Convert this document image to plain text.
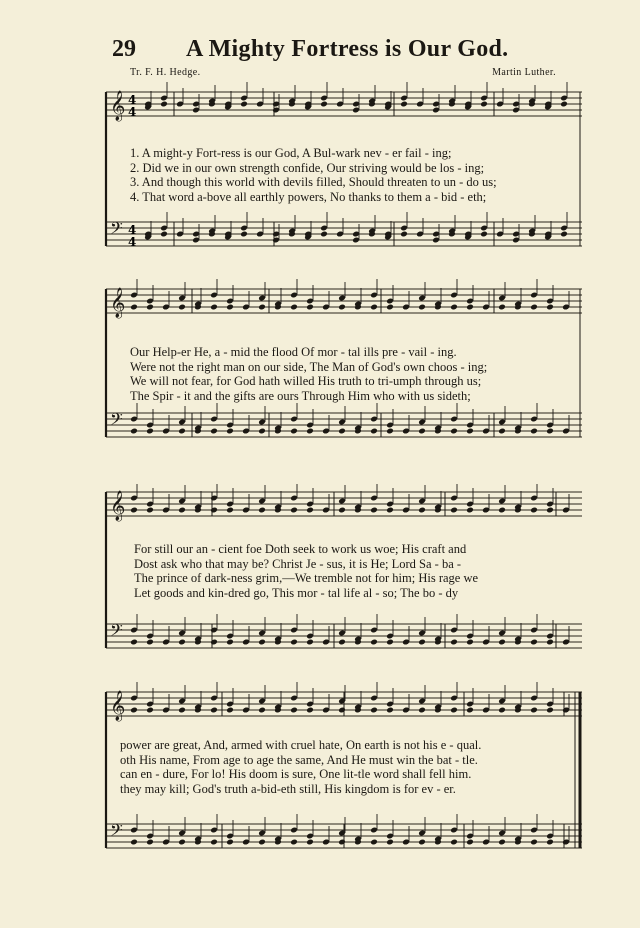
29 A Mighty Fortress is Our God.
Tr. F. H. Hedge.	Martin Luther.
𝄞 4
4
𝄢 4
4
1. A might-y Fort-ress is our God, A Bul-wark nev - er fail - ing;
2. Did we in our own strength confide, Our striving would be los - ing;
3. And though this world with devils filled, Should threaten to un - do us;
4. That word a-bove all earthly powers, No thanks to them a - bid - eth;
𝄞
𝄢
Our Help-er He, a - mid the flood Of mor - tal ills pre - vail - ing.
Were not the right man on our side, The Man of God's own choos - ing;
We will not fear, for God hath willed His truth to tri-umph through us;
The Spir - it and the gifts are ours Through Him who with us sideth;
𝄞
𝄢
For still our an - cient foe Doth seek to work us woe; His craft and
Dost ask who that may be? Christ Je - sus, it is He; Lord Sa - ba -
The prince of dark-ness grim,—We tremble not for him; His rage we
Let goods and kin-dred go, This mor - tal life al - so; The bo - dy
𝄞
𝄢
power are great, And, armed with cruel hate, On earth is not his e - qual.
oth His name, From age to age the same, And He must win the bat - tle.
can en - dure, For lo! His doom is sure, One lit-tle word shall fell him.
they may kill; God's truth a-bid-eth still, His kingdom is for ev - er.
